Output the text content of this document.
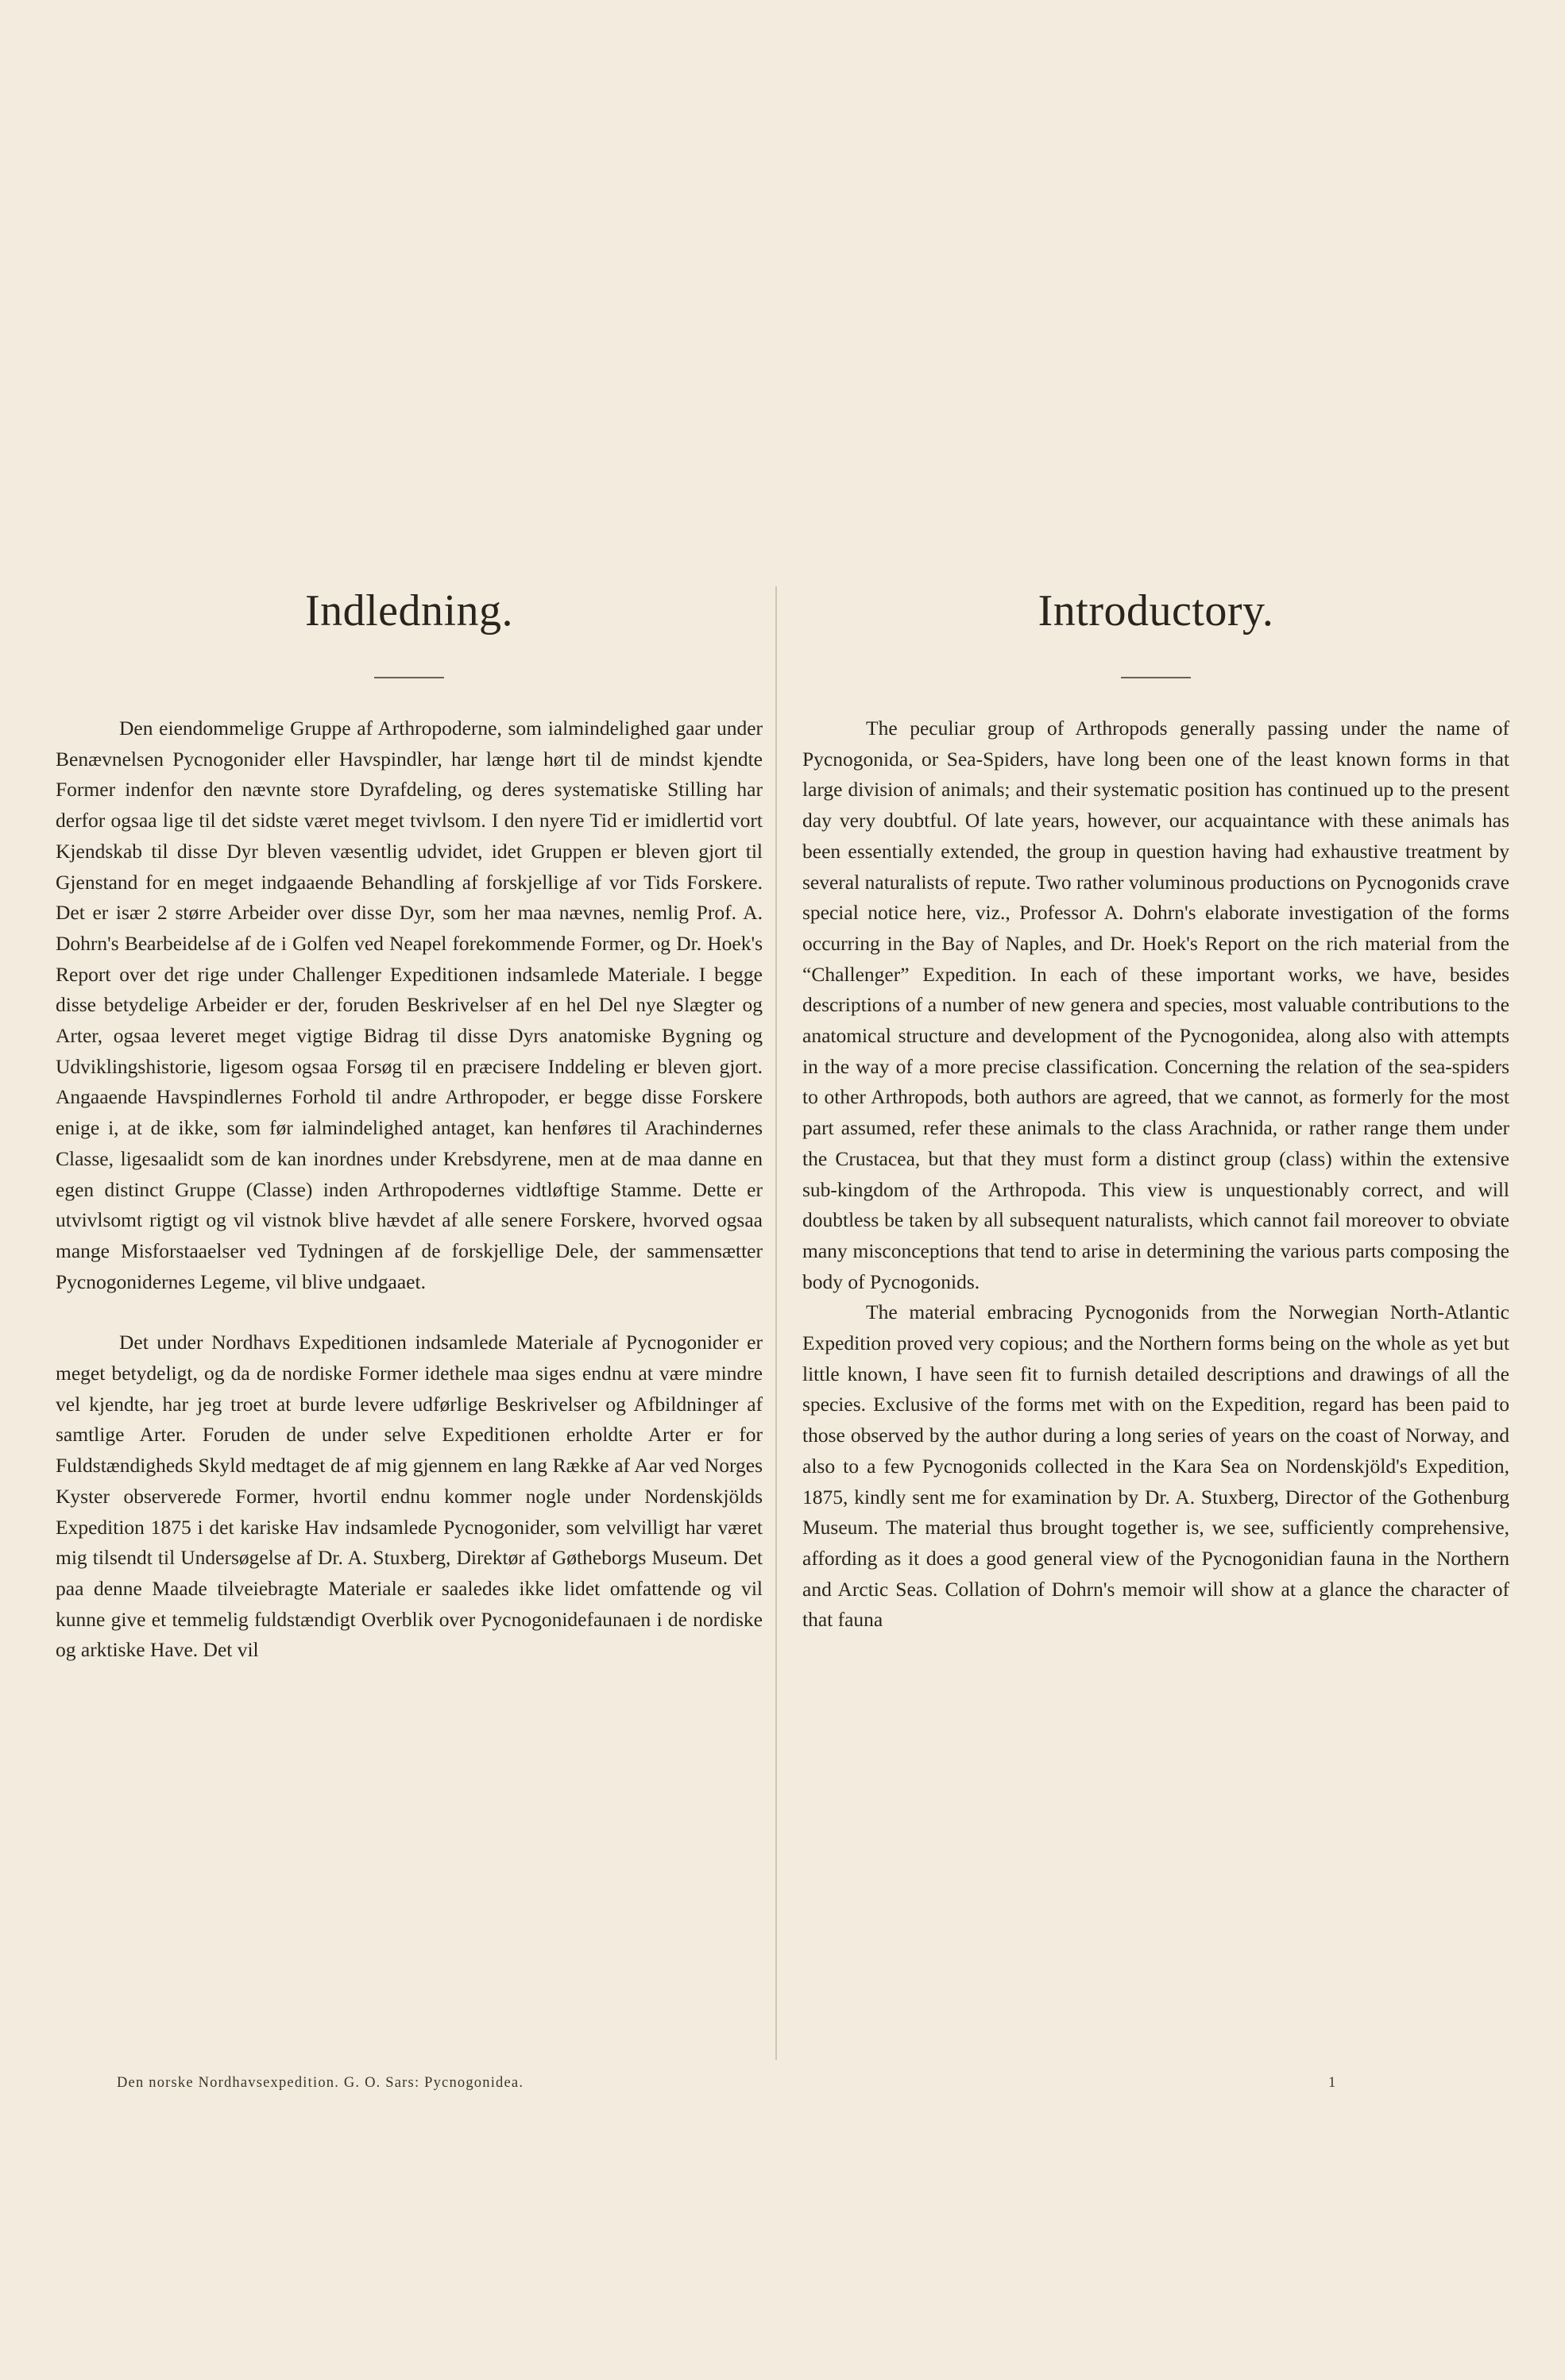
Indledning.

Den eiendommelige Gruppe af Arthropoderne, som ialmindelighed gaar under Benævnelsen Pycnogonider eller Havspindler, har længe hørt til de mindst kjendte Former indenfor den nævnte store Dyrafdeling, og deres systematiske Stilling har derfor ogsaa lige til det sidste været meget tvivlsom. I den nyere Tid er imidlertid vort Kjendskab til disse Dyr bleven væsentlig udvidet, idet Gruppen er bleven gjort til Gjenstand for en meget indgaaende Behandling af forskjellige af vor Tids Forskere. Det er især 2 større Arbeider over disse Dyr, som her maa nævnes, nemlig Prof. A. Dohrn's Bearbeidelse af de i Golfen ved Neapel forekommende Former, og Dr. Hoek's Report over det rige under Challenger Expeditionen indsamlede Materiale. I begge disse betydelige Arbeider er der, foruden Beskrivelser af en hel Del nye Slægter og Arter, ogsaa leveret meget vigtige Bidrag til disse Dyrs anatomiske Bygning og Udviklingshistorie, ligesom ogsaa Forsøg til en præcisere Inddeling er bleven gjort. Angaaende Havspindlernes Forhold til andre Arthropoder, er begge disse Forskere enige i, at de ikke, som før ialmindelighed antaget, kan henføres til Arachindernes Classe, ligesaalidt som de kan inordnes under Krebsdyrene, men at de maa danne en egen distinct Gruppe (Classe) inden Arthropodernes vidtløftige Stamme. Dette er utvivlsomt rigtigt og vil vistnok blive hævdet af alle senere Forskere, hvorved ogsaa mange Misforstaaelser ved Tydningen af de forskjellige Dele, der sammensætter Pycnogonidernes Legeme, vil blive undgaaet.

Det under Nordhavs Expeditionen indsamlede Materiale af Pycnogonider er meget betydeligt, og da de nordiske Former idethele maa siges endnu at være mindre vel kjendte, har jeg troet at burde levere udførlige Beskrivelser og Afbildninger af samtlige Arter. Foruden de under selve Expeditionen erholdte Arter er for Fuldstændigheds Skyld medtaget de af mig gjennem en lang Række af Aar ved Norges Kyster observerede Former, hvortil endnu kommer nogle under Nordenskjölds Expedition 1875 i det kariske Hav indsamlede Pycnogonider, som velvilligt har været mig tilsendt til Undersøgelse af Dr. A. Stuxberg, Direktør af Gøtheborgs Museum. Det paa denne Maade tilveiebragte Materiale er saaledes ikke lidet omfattende og vil kunne give et temmelig fuldstændigt Overblik over Pycnogonidefaunaen i de nordiske og arktiske Have. Det vil

Introductory.

The peculiar group of Arthropods generally passing under the name of Pycnogonida, or Sea-Spiders, have long been one of the least known forms in that large division of animals; and their systematic position has continued up to the present day very doubtful. Of late years, however, our acquaintance with these animals has been essentially extended, the group in question having had exhaustive treatment by several naturalists of repute. Two rather voluminous productions on Pycnogonids crave special notice here, viz., Professor A. Dohrn's elaborate investigation of the forms occurring in the Bay of Naples, and Dr. Hoek's Report on the rich material from the “Challenger” Expedition. In each of these important works, we have, besides descriptions of a number of new genera and species, most valuable contributions to the anatomical structure and development of the Pycnogonidea, along also with attempts in the way of a more precise classification. Concerning the relation of the sea-spiders to other Arthropods, both authors are agreed, that we cannot, as formerly for the most part assumed, refer these animals to the class Arachnida, or rather range them under the Crustacea, but that they must form a distinct group (class) within the extensive sub-kingdom of the Arthropoda. This view is unquestionably correct, and will doubtless be taken by all subsequent naturalists, which cannot fail moreover to obviate many misconceptions that tend to arise in determining the various parts composing the body of Pycnogonids.

The material embracing Pycnogonids from the Norwegian North-Atlantic Expedition proved very copious; and the Northern forms being on the whole as yet but little known, I have seen fit to furnish detailed descriptions and drawings of all the species. Exclusive of the forms met with on the Expedition, regard has been paid to those observed by the author during a long series of years on the coast of Norway, and also to a few Pycnogonids collected in the Kara Sea on Nordenskjöld's Expedition, 1875, kindly sent me for examination by Dr. A. Stuxberg, Director of the Gothenburg Museum. The material thus brought together is, we see, sufficiently comprehensive, affording as it does a good general view of the Pycnogonidian fauna in the Northern and Arctic Seas. Collation of Dohrn's memoir will show at a glance the character of that fauna

Den norske Nordhavsexpedition. G. O. Sars: Pycnogonidea.	1
